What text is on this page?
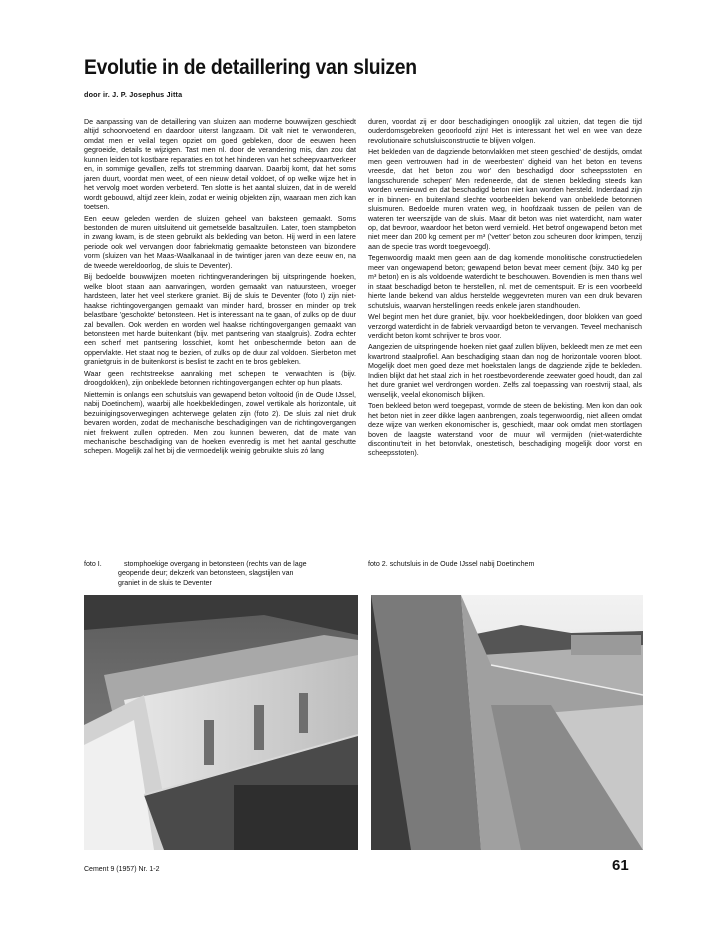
Evolutie in de detaillering van sluizen
door ir. J. P. Josephus Jitta

De aanpassing van de detaillering van sluizen aan moderne bouwwijzen geschiedt altijd schoorvoetend en daardoor uiterst langzaam. Dit valt niet te verwonderen, omdat men er veilal tegen opziet om goed gebleken, door de eeuwen heen gegroeide, details te wijzigen. Tast men nl. door de verandering mis, dan zou dat kunnen leiden tot kostbare reparaties en tot het hinderen van het scheepvaartverkeer en, in sommige gevallen, zelfs tot stremming daarvan. Daarbij komt, dat het soms jaren duurt, voordat men weet, of een nieuw detail voldoet, of op welke wijze het in het vervolg moet worden verbeterd. Ten slotte is het aantal sluizen, dat in de wereld wordt gebouwd, altijd zeer klein, zodat er weinig objekten zijn, waaraan men zich kan toetsen.

Een eeuw geleden werden de sluizen geheel van baksteen gemaakt. Soms bestonden de muren uitsluitend uit gemetselde basaltzuilen. Later, toen stampbeton in zwang kwam, is de steen gebruikt als bekleding van beton. Hij werd in een latere periode ook wel vervangen door fabriekmatig gemaakte betonsteen van bizondere vorm (sluizen van het Maas-Waalkanaal in de twintiger jaren van deze eeuw en, na de tweede wereldoorlog, de sluis te Deventer).

Bij bedoelde bouwwijzen moeten richtingveranderingen bij uitspringende hoeken, welke bloot staan aan aanvaringen, worden gemaakt van natuursteen, vroeger hardsteen, later het veel sterkere graniet. Bij de sluis te Deventer (foto I) zijn niet-haakse richtingovergangen gemaakt van minder hard, brosser en minder op trek belastbare 'geschokte' betonsteen. Het is interessant na te gaan, of zulks op de duur zal bevallen. Ook werden en worden wel haakse richtingovergangen gemaakt van betonsteen met harde buitenkant (bijv. met pantsering van staalgruis). Zodra echter een scherf met pantsering losschiet, komt het onbeschermde beton aan de oppervlakte. Het staat nog te bezien, of zulks op de duur zal voldoen. Sierbeton met granietgruis in de buitenkorst is beslist te zacht en te bros gebleken.

Waar geen rechtstreekse aanraking met schepen te verwachten is (bijv. droogdokken), zijn onbeklede betonnen richtingovergangen echter op hun plaats.

Niettemin is onlangs een schutsluis van gewapend beton voltooid (in de Oude IJssel, nabij Doetinchem), waarbij alle hoekbekledingen, zowel vertikale als horizontale, uit bezuinigingsoverwegingen achterwege gelaten zijn (foto 2). De sluis zal niet druk bevaren worden, zodat de mechanische beschadigingen van de richtingovergangen niet frekwent zullen optreden. Men zou kunnen beweren, dat de mate van mechanische beschadiging van de hoeken evenredig is met het aantal geschutte schepen. Mogelijk zal het bij die vermoedelijk weinig gebruikte sluis zó lang

duren, voordat zij er door beschadigingen onooglijk zal uitzien, dat tegen die tijd ouderdomsgebreken geoorloofd zijn! Het is interessant het wel en wee van deze revolutionaire schutsluisconstructie te blijven volgen.

Het bekleden van de dagziende betonvlakken met steen geschied' de destijds, omdat men geen vertrouwen had in de weerbesten' digheid van het beton en tevens vreesde, dat het beton zou wor' den beschadigd door scheepsstoten en langsschurende schepen' Men redeneerde, dat de stenen bekleding steeds kan worden vernieuwd en dat beschadigd beton niet kan worden hersteld. Inderdaad zijn er in binnen- en buitenland slechte voorbeelden bekend van onbeklede betonnen sluismuren. Bedoelde muren vraten weg, in hoofdzaak tussen de peilen van de wateren ter weerszijde van de sluis. Maar dit beton was niet waterdicht, nam water op, dat bevroor, waardoor het beton werd vernield. Het betrof ongewapend beton met niet meer dan 200 kg cement per m³ ('vetter' beton zou scheuren door krimpen, tenzij aan de specie tras wordt toegevoegd).

Tegenwoordig maakt men geen aan de dag komende monolitische constructiedelen meer van ongewapend beton; gewapend beton bevat meer cement (bijv. 340 kg per m³ beton) en is als voldoende waterdicht te beschouwen. Bovendien is men thans wel in staat beschadigd beton te herstellen, nl. met de cementspuit. Er is een voorbeeld hierte lande bekend van aldus herstelde weggevreten muren van een druk bevaren schutsluis, waarvan herstellingen reeds enkele jaren standhouden.

Wel begint men het dure graniet, bijv. voor hoekbekledingen, door blokken van goed verzorgd waterdicht in de fabriek vervaardigd beton te vervangen. Teveel mechanisch verdicht beton komt schrijver te bros voor.

Aangezien de uitspringende hoeken niet gaaf zullen blijven, bekleedt men ze met een kwartrond staalprofiel. Aan beschadiging staan dan nog de horizontale vooren bloot. Mogelijk doet men goed deze met hoekstalen langs de dagziende zijde te bekleden. Indien blijkt dat het staal zich in het roestbevorderende zeewater goed houdt, dan zal het dure graniet wel verdrongen worden. Zelfs zal toepassing van roestvrij staal, als wenselijk, veelal ekonomisch blijken.

Toen bekleed beton werd toegepast, vormde de steen de bekisting. Men kon dan ook het beton niet in zeer dikke lagen aanbrengen, zoals tegenwoordig, niet alleen omdat deze wijze van werken ekonomischer is, geschiedt, maar ook omdat men stortlagen boven de laagste waterstand voor de muur wil vermijden (niet-waterdichte discontinu'teit in het betonvlak, onestetisch, beschadiging mogelijk door vorst en scheepsstoten).

foto I.	stomphoekige overgang in betonsteen (rechts van de lage
geopende deur; dekzerk van betonsteen, slagstijlen van
graniet in de sluis te Deventer
foto 2. schutsluis in de Oude IJssel nabij Doetinchem
Cement 9 (1957) Nr. 1-2	61
